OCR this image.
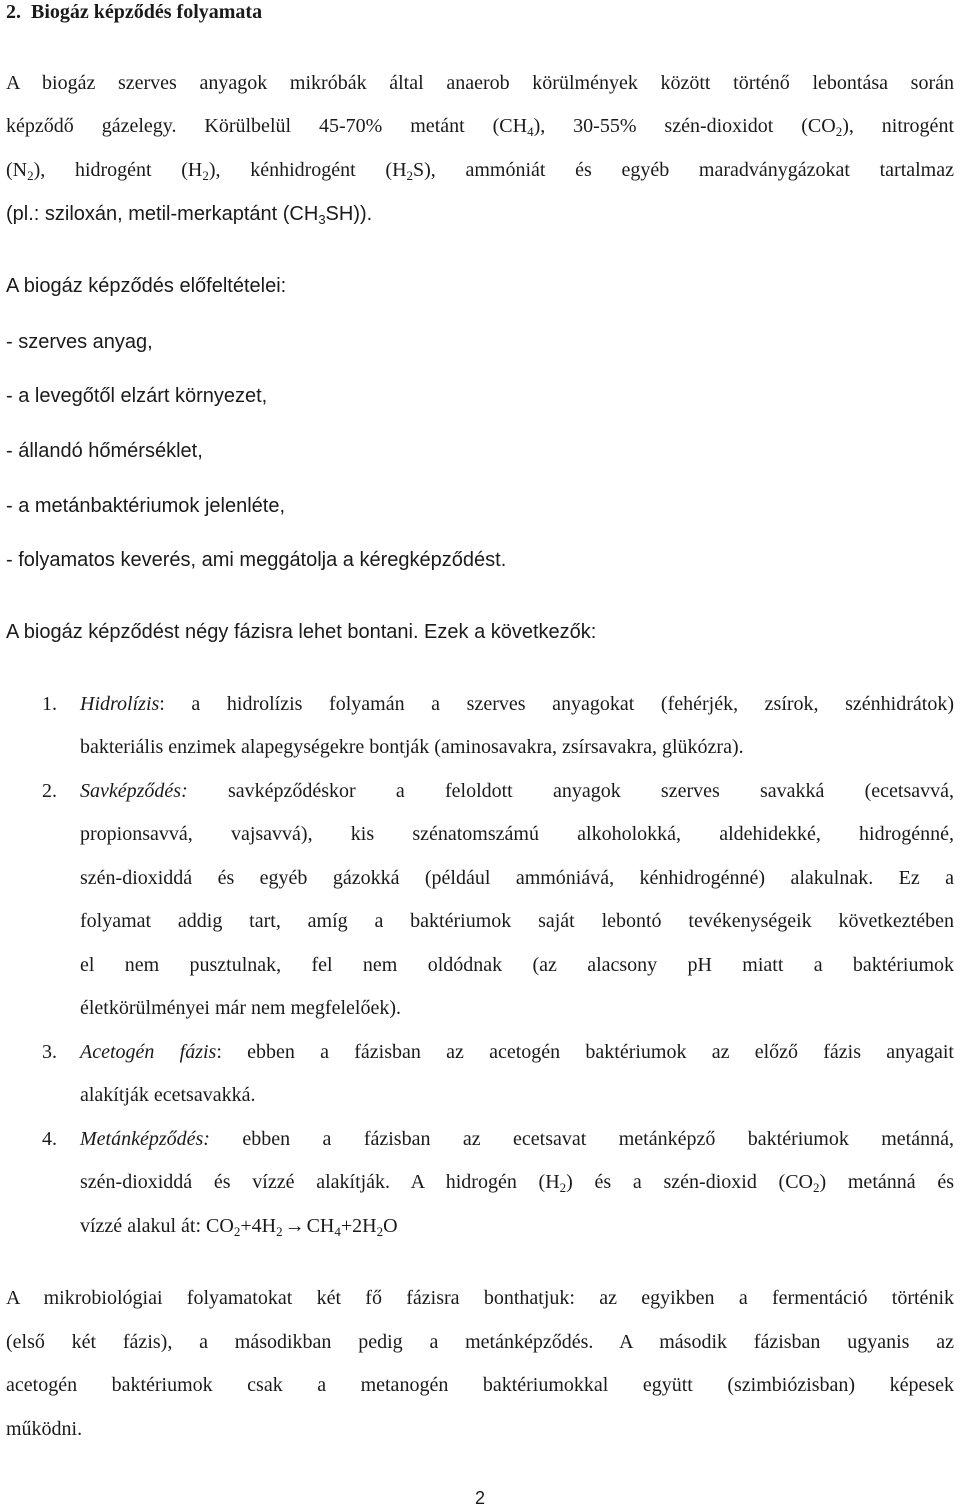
2. Biogáz képződés folyamata
A biogáz szerves anyagok mikróbák által anaerob körülmények között történő lebontása során
képződő gázelegy. Körülbelül 45-70% metánt $(CH_4)$, 30-55% szén-dioxidot $(CO_2)$, nitrogént
$(N_2)$, hidrogént $(H_2)$, kénhidrogént $(H_2S)$, ammóniát és egyéb maradványgázokat tartalmaz
(pl.: sziloxán, metil-merkaptánt $(CH_3SH)$).
A biogáz képződés előfeltételei:
- szerves anyag,
- a levegőtől elzárt környezet,
- állandó hőmérséklet,
- a metánbaktériumok jelenléte,
- folyamatos keverés, ami meggátolja a kéregképződést.
A biogáz képződést négy fázisra lehet bontani. Ezek a következők:
1. Hidrolízis: a hidrolízis folyamán a szerves anyagokat (fehérjék, zsírok, szénhidrátok)
bakteriális enzimek alapegységekre bontják (aminosavakra, zsírsavakra, glükózra).
2. Savképződés: savképződéskor a feloldott anyagok szerves savakká (ecetsavvá,
propionsavvá, vajsavvá), kis szénatomszámú alkoholokká, aldehidekké, hidrogénné,
szén-dioxiddá és egyéb gázokká (például ammóniává, kénhidrogénné) alakulnak. Ez a
folyamat addig tart, amíg a baktériumok saját lebontó tevékenységeik következtében
el nem pusztulnak, fel nem oldódnak (az alacsony pH miatt a baktériumok
életkörülményei már nem megfelelőek).
3. Acetogén fázis: ebben a fázisban az acetogén baktériumok az előző fázis anyagait
alakítják ecetsavakká.
4. Metánképződés: ebben a fázisban az ecetsavat metánképző baktériumok metánná,
szén-dioxiddá és vízzé alakítják. A hidrogén $(H_2)$ és a szén-dioxid $(CO_2)$ metánná és
vízzé alakul át: $CO_2+4H_2 \to CH_4+2H_2O$
A mikrobiológiai folyamatokat két fő fázisra bonthatjuk: az egyikben a fermentáció történik
(első két fázis), a másodikban pedig a metánképződés. A második fázisban ugyanis az
acetogén baktériumok csak a metanogén baktériumokkal együtt (szimbiózisban) képesek
működni.
2
